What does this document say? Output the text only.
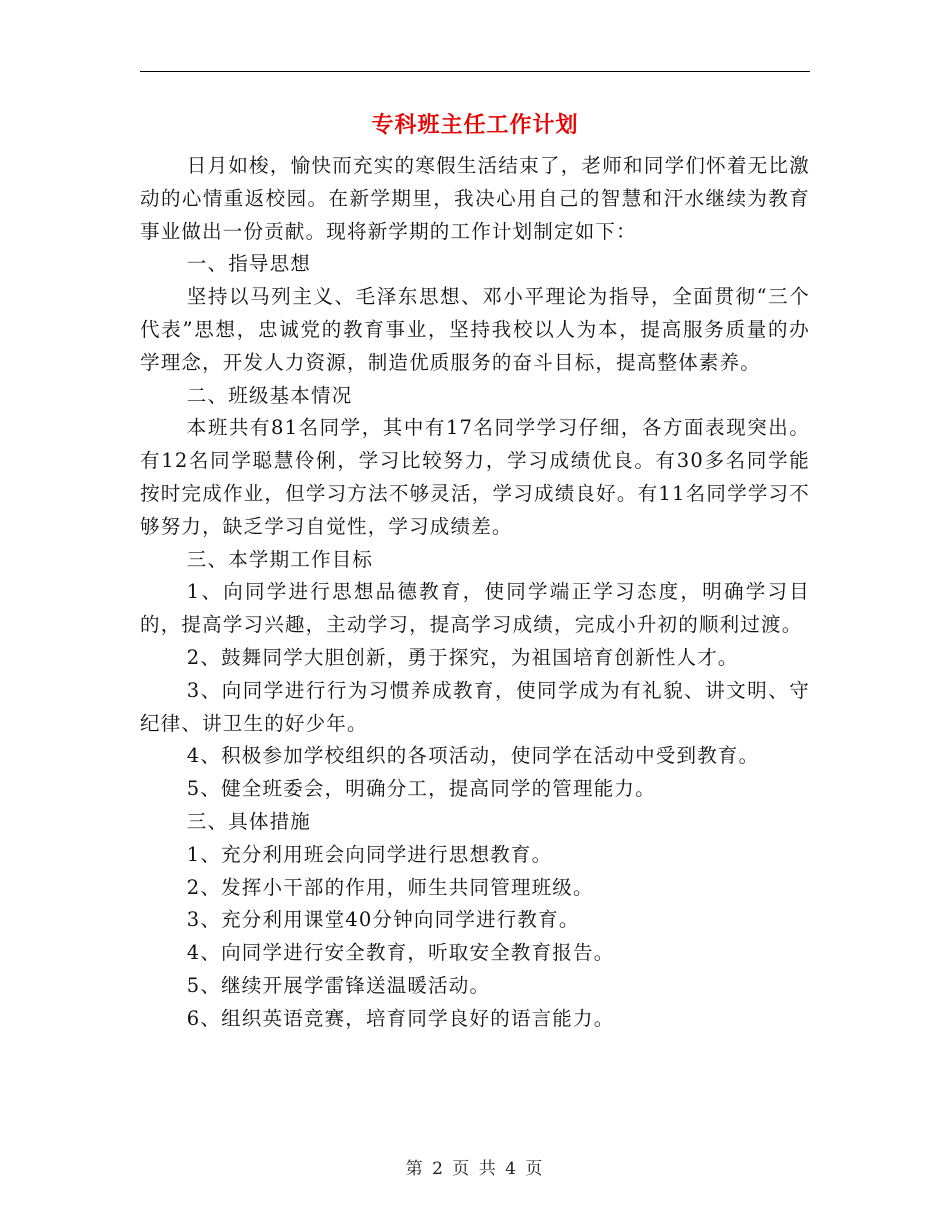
专科班主任工作计划

日月如梭，愉快而充实的寒假生活结束了，老师和同学们怀着无比激动的心情重返校园。在新学期里，我决心用自己的智慧和汗水继续为教育事业做出一份贡献。现将新学期的工作计划制定如下：

一、指导思想

坚持以马列主义、毛泽东思想、邓小平理论为指导，全面贯彻“三个代表”思想，忠诚党的教育事业，坚持我校以人为本，提高服务质量的办学理念，开发人力资源，制造优质服务的奋斗目标，提高整体素养。

二、班级基本情况

本班共有81名同学，其中有17名同学学习仔细，各方面表现突出。有12名同学聪慧伶俐，学习比较努力，学习成绩优良。有30多名同学能按时完成作业，但学习方法不够灵活，学习成绩良好。有11名同学学习不够努力，缺乏学习自觉性，学习成绩差。

三、本学期工作目标

1、向同学进行思想品德教育，使同学端正学习态度，明确学习目的，提高学习兴趣，主动学习，提高学习成绩，完成小升初的顺利过渡。

2、鼓舞同学大胆创新，勇于探究，为祖国培育创新性人才。

3、向同学进行行为习惯养成教育，使同学成为有礼貌、讲文明、守纪律、讲卫生的好少年。

4、积极参加学校组织的各项活动，使同学在活动中受到教育。

5、健全班委会，明确分工，提高同学的管理能力。

三、具体措施

1、充分利用班会向同学进行思想教育。

2、发挥小干部的作用，师生共同管理班级。

3、充分利用课堂40分钟向同学进行教育。

4、向同学进行安全教育，听取安全教育报告。

5、继续开展学雷锋送温暖活动。

6、组织英语竞赛，培育同学良好的语言能力。

第 2 页 共 4 页
